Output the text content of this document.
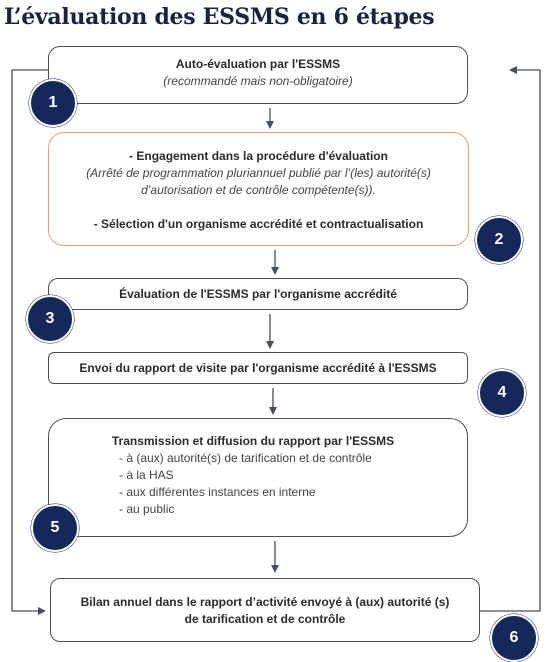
L’évaluation des ESSMS en 6 étapes
Auto-évaluation par l'ESSMS
(recommandé mais non-obligatoire)
- Engagement dans la procédure d'évaluation
(Arrêté de programmation pluriannuel publié par l’(les) autorité(s)
d’autorisation et de contrôle compétente(s)).
- Sélection d'un organisme accrédité et contractualisation
Évaluation de l'ESSMS par l'organisme accrédité
Envoi du rapport de visite par l'organisme accrédité à l'ESSMS
Transmission et diffusion du rapport par l'ESSMS
- à (aux) autorité(s) de tarification et de contrôle
- à la HAS
- aux différentes instances en interne
- au public
Bilan annuel dans le rapport d’activité envoyé à (aux) autorité (s)
de tarification et de contrôle
1
2
3
4
5
6
